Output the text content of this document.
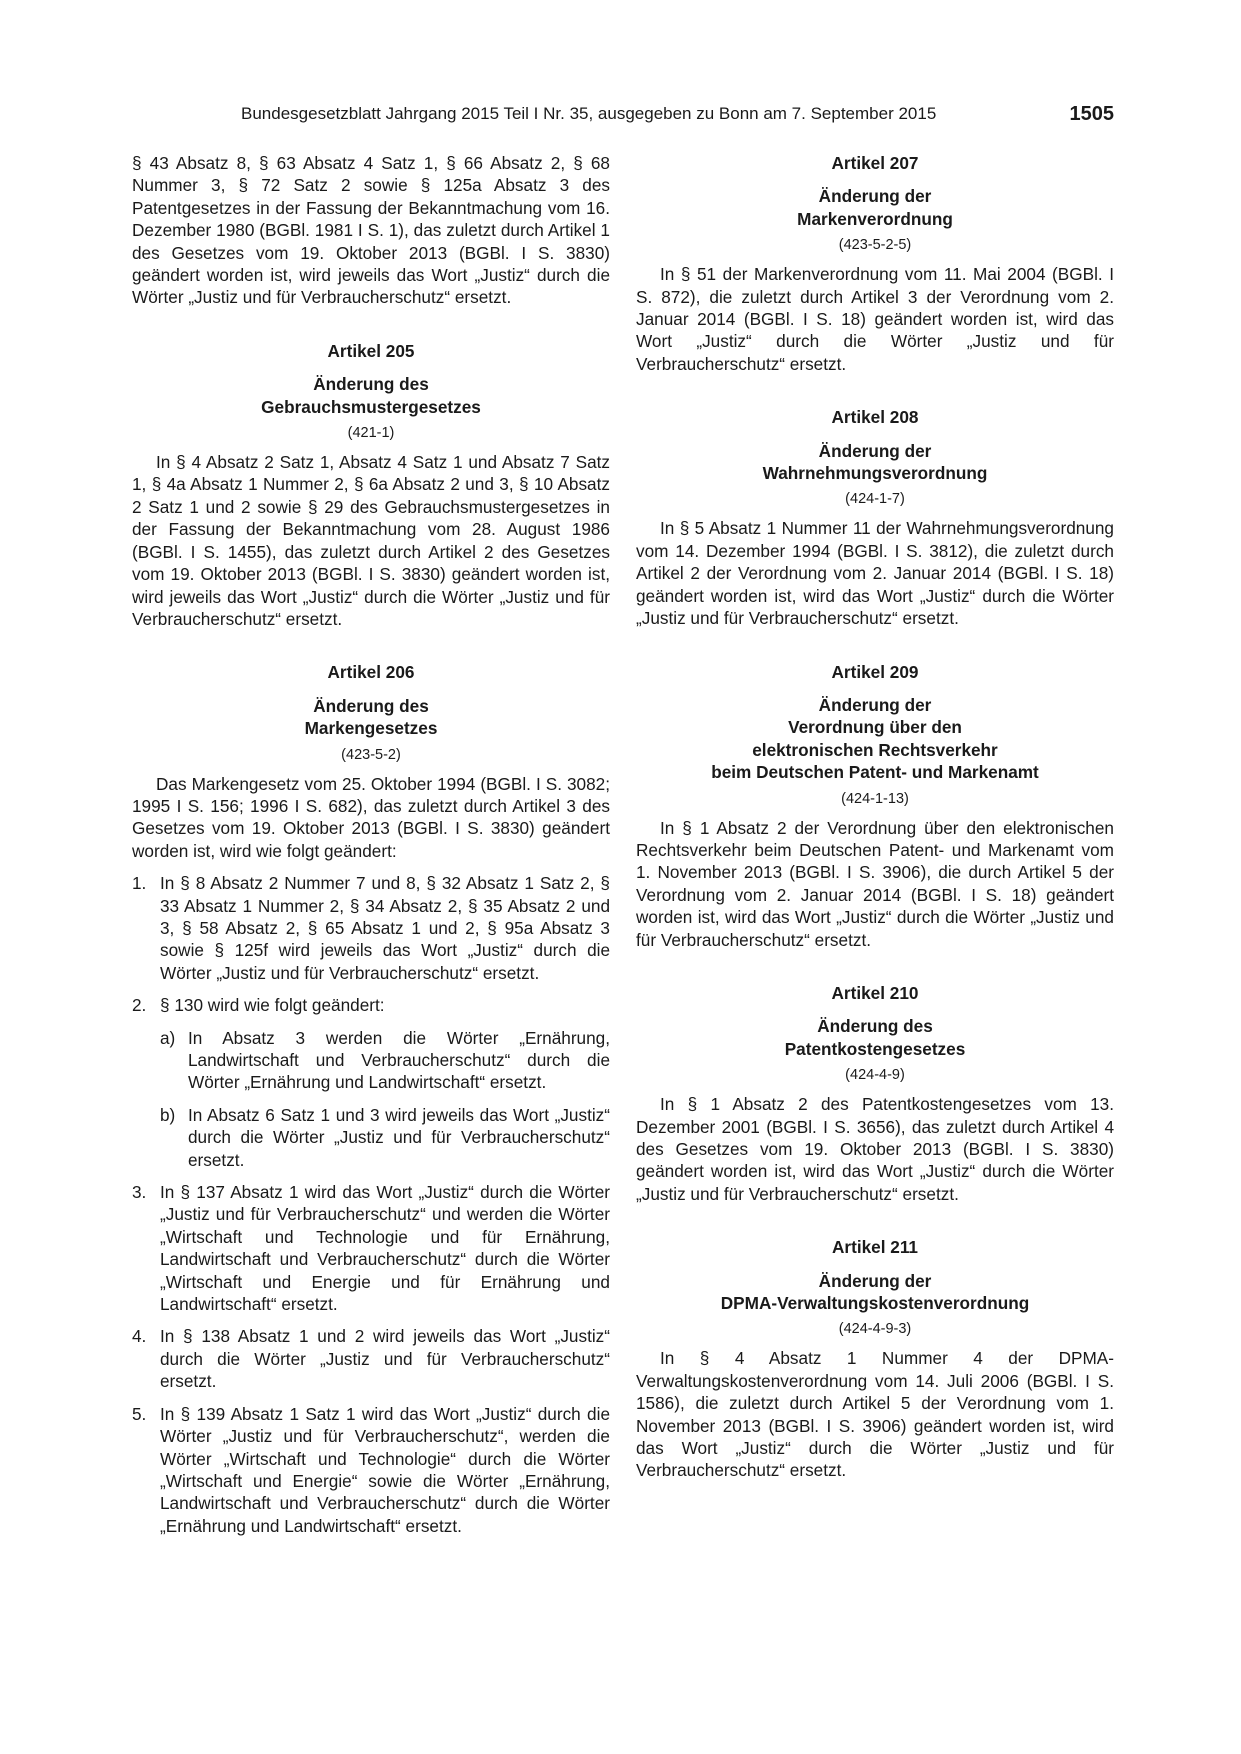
Bundesgesetzblatt Jahrgang 2015 Teil I Nr. 35, ausgegeben zu Bonn am 7. September 2015	1505

§ 43 Absatz 8, § 63 Absatz 4 Satz 1, § 66 Absatz 2, § 68 Nummer 3, § 72 Satz 2 sowie § 125a Absatz 3 des Patentgesetzes in der Fassung der Bekanntmachung vom 16. Dezember 1980 (BGBl. 1981 I S. 1), das zuletzt durch Artikel 1 des Gesetzes vom 19. Oktober 2013 (BGBl. I S. 3830) geändert worden ist, wird jeweils das Wort „Justiz“ durch die Wörter „Justiz und für Verbraucherschutz“ ersetzt.

Artikel 205
Änderung des
Gebrauchsmustergesetzes
(421-1)

In § 4 Absatz 2 Satz 1, Absatz 4 Satz 1 und Absatz 7 Satz 1, § 4a Absatz 1 Nummer 2, § 6a Absatz 2 und 3, § 10 Absatz 2 Satz 1 und 2 sowie § 29 des Gebrauchsmustergesetzes in der Fassung der Bekanntmachung vom 28. August 1986 (BGBl. I S. 1455), das zuletzt durch Artikel 2 des Gesetzes vom 19. Oktober 2013 (BGBl. I S. 3830) geändert worden ist, wird jeweils das Wort „Justiz“ durch die Wörter „Justiz und für Verbraucherschutz“ ersetzt.

Artikel 206
Änderung des
Markengesetzes
(423-5-2)

Das Markengesetz vom 25. Oktober 1994 (BGBl. I S. 3082; 1995 I S. 156; 1996 I S. 682), das zuletzt durch Artikel 3 des Gesetzes vom 19. Oktober 2013 (BGBl. I S. 3830) geändert worden ist, wird wie folgt geändert:

1. In § 8 Absatz 2 Nummer 7 und 8, § 32 Absatz 1 Satz 2, § 33 Absatz 1 Nummer 2, § 34 Absatz 2, § 35 Absatz 2 und 3, § 58 Absatz 2, § 65 Absatz 1 und 2, § 95a Absatz 3 sowie § 125f wird jeweils das Wort „Justiz“ durch die Wörter „Justiz und für Verbraucherschutz“ ersetzt.

2. § 130 wird wie folgt geändert:

a) In Absatz 3 werden die Wörter „Ernährung, Landwirtschaft und Verbraucherschutz“ durch die Wörter „Ernährung und Landwirtschaft“ ersetzt.

b) In Absatz 6 Satz 1 und 3 wird jeweils das Wort „Justiz“ durch die Wörter „Justiz und für Verbraucherschutz“ ersetzt.

3. In § 137 Absatz 1 wird das Wort „Justiz“ durch die Wörter „Justiz und für Verbraucherschutz“ und werden die Wörter „Wirtschaft und Technologie und für Ernährung, Landwirtschaft und Verbraucherschutz“ durch die Wörter „Wirtschaft und Energie und für Ernährung und Landwirtschaft“ ersetzt.

4. In § 138 Absatz 1 und 2 wird jeweils das Wort „Justiz“ durch die Wörter „Justiz und für Verbraucherschutz“ ersetzt.

5. In § 139 Absatz 1 Satz 1 wird das Wort „Justiz“ durch die Wörter „Justiz und für Verbraucherschutz“, werden die Wörter „Wirtschaft und Technologie“ durch die Wörter „Wirtschaft und Energie“ sowie die Wörter „Ernährung, Landwirtschaft und Verbraucherschutz“ durch die Wörter „Ernährung und Landwirtschaft“ ersetzt.

Artikel 207
Änderung der
Markenverordnung
(423-5-2-5)

In § 51 der Markenverordnung vom 11. Mai 2004 (BGBl. I S. 872), die zuletzt durch Artikel 3 der Verordnung vom 2. Januar 2014 (BGBl. I S. 18) geändert worden ist, wird das Wort „Justiz“ durch die Wörter „Justiz und für Verbraucherschutz“ ersetzt.

Artikel 208
Änderung der
Wahrnehmungsverordnung
(424-1-7)

In § 5 Absatz 1 Nummer 11 der Wahrnehmungsverordnung vom 14. Dezember 1994 (BGBl. I S. 3812), die zuletzt durch Artikel 2 der Verordnung vom 2. Januar 2014 (BGBl. I S. 18) geändert worden ist, wird das Wort „Justiz“ durch die Wörter „Justiz und für Verbraucherschutz“ ersetzt.

Artikel 209
Änderung der
Verordnung über den
elektronischen Rechtsverkehr
beim Deutschen Patent- und Markenamt
(424-1-13)

In § 1 Absatz 2 der Verordnung über den elektronischen Rechtsverkehr beim Deutschen Patent- und Markenamt vom 1. November 2013 (BGBl. I S. 3906), die durch Artikel 5 der Verordnung vom 2. Januar 2014 (BGBl. I S. 18) geändert worden ist, wird das Wort „Justiz“ durch die Wörter „Justiz und für Verbraucherschutz“ ersetzt.

Artikel 210
Änderung des
Patentkostengesetzes
(424-4-9)

In § 1 Absatz 2 des Patentkostengesetzes vom 13. Dezember 2001 (BGBl. I S. 3656), das zuletzt durch Artikel 4 des Gesetzes vom 19. Oktober 2013 (BGBl. I S. 3830) geändert worden ist, wird das Wort „Justiz“ durch die Wörter „Justiz und für Verbraucherschutz“ ersetzt.

Artikel 211
Änderung der
DPMA-Verwaltungskostenverordnung
(424-4-9-3)

In § 4 Absatz 1 Nummer 4 der DPMA-Verwaltungskostenverordnung vom 14. Juli 2006 (BGBl. I S. 1586), die zuletzt durch Artikel 5 der Verordnung vom 1. November 2013 (BGBl. I S. 3906) geändert worden ist, wird das Wort „Justiz“ durch die Wörter „Justiz und für Verbraucherschutz“ ersetzt.
